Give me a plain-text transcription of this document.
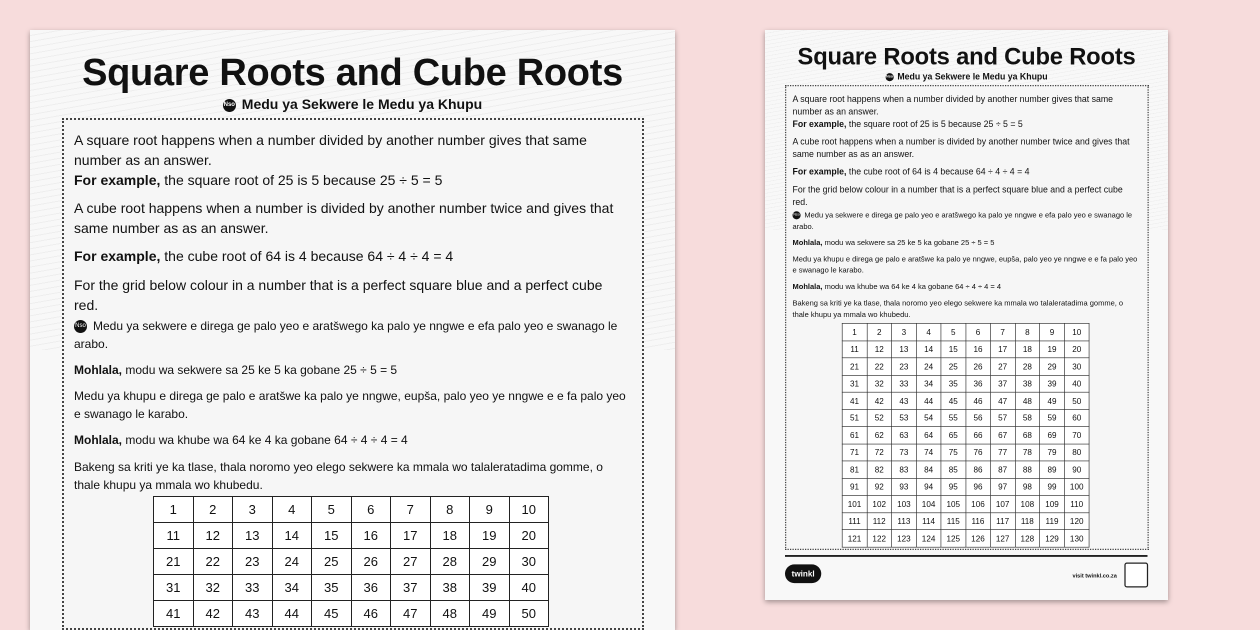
Square Roots and Cube Roots
Nso Medu ya Sekwere le Medu ya Khupu
A square root happens when a number divided by another number gives that same number as an answer.
For example, the square root of 25 is 5 because 25 ÷ 5 = 5
A cube root happens when a number is divided by another number twice and gives that same number as as an answer.
For example, the cube root of 64 is 4 because 64 ÷ 4 ÷ 4 = 4
For the grid below colour in a number that is a perfect square blue and a perfect cube red.
Nso Medu ya sekwere e direga ge palo yeo e aratšwego ka palo ye nngwe e efa palo yeo e swanago le arabo.
Mohlala, modu wa sekwere sa 25 ke 5 ka gobane 25 ÷ 5 = 5
Medu ya khupu e direga ge palo e aratšwe ka palo ye nngwe, eupša, palo yeo ye nngwe e e fa palo yeo e swanago le karabo.
Mohlala, modu wa khube wa 64 ke 4 ka gobane 64 ÷ 4 ÷ 4 = 4
Bakeng sa kriti ye ka tlase, thala noromo yeo elego sekwere ka mmala wo talaleratadima gomme, o thale khupu ya mmala wo khubedu.
1	2	3	4	5	6	7	8	9	10
11	12	13	14	15	16	17	18	19	20
21	22	23	24	25	26	27	28	29	30
31	32	33	34	35	36	37	38	39	40
41	42	43	44	45	46	47	48	49	50
Square Roots and Cube Roots
Nso Medu ya Sekwere le Medu ya Khupu
A square root happens when a number divided by another number gives that same number as an answer.
For example, the square root of 25 is 5 because 25 ÷ 5 = 5
A cube root happens when a number is divided by another number twice and gives that same number as as an answer.
For example, the cube root of 64 is 4 because 64 ÷ 4 ÷ 4 = 4
For the grid below colour in a number that is a perfect square blue and a perfect cube red.
Nso Medu ya sekwere e direga ge palo yeo e aratšwego ka palo ye nngwe e efa palo yeo e swanago le arabo.
Mohlala, modu wa sekwere sa 25 ke 5 ka gobane 25 ÷ 5 = 5
Medu ya khupu e direga ge palo e aratšwe ka palo ye nngwe, eupša, palo yeo ye nngwe e e fa palo yeo e swanago le karabo.
Mohlala, modu wa khube wa 64 ke 4 ka gobane 64 ÷ 4 ÷ 4 = 4
Bakeng sa kriti ye ka tlase, thala noromo yeo elego sekwere ka mmala wo talaleratadima gomme, o thale khupu ya mmala wo khubedu.
1	2	3	4	5	6	7	8	9	10
11	12	13	14	15	16	17	18	19	20
21	22	23	24	25	26	27	28	29	30
31	32	33	34	35	36	37	38	39	40
41	42	43	44	45	46	47	48	49	50
51	52	53	54	55	56	57	58	59	60
61	62	63	64	65	66	67	68	69	70
71	72	73	74	75	76	77	78	79	80
81	82	83	84	85	86	87	88	89	90
91	92	93	94	95	96	97	98	99	100
101	102	103	104	105	106	107	108	109	110
111	112	113	114	115	116	117	118	119	120
121	122	123	124	125	126	127	128	129	130
twinkl	visit twinkl.co.za
